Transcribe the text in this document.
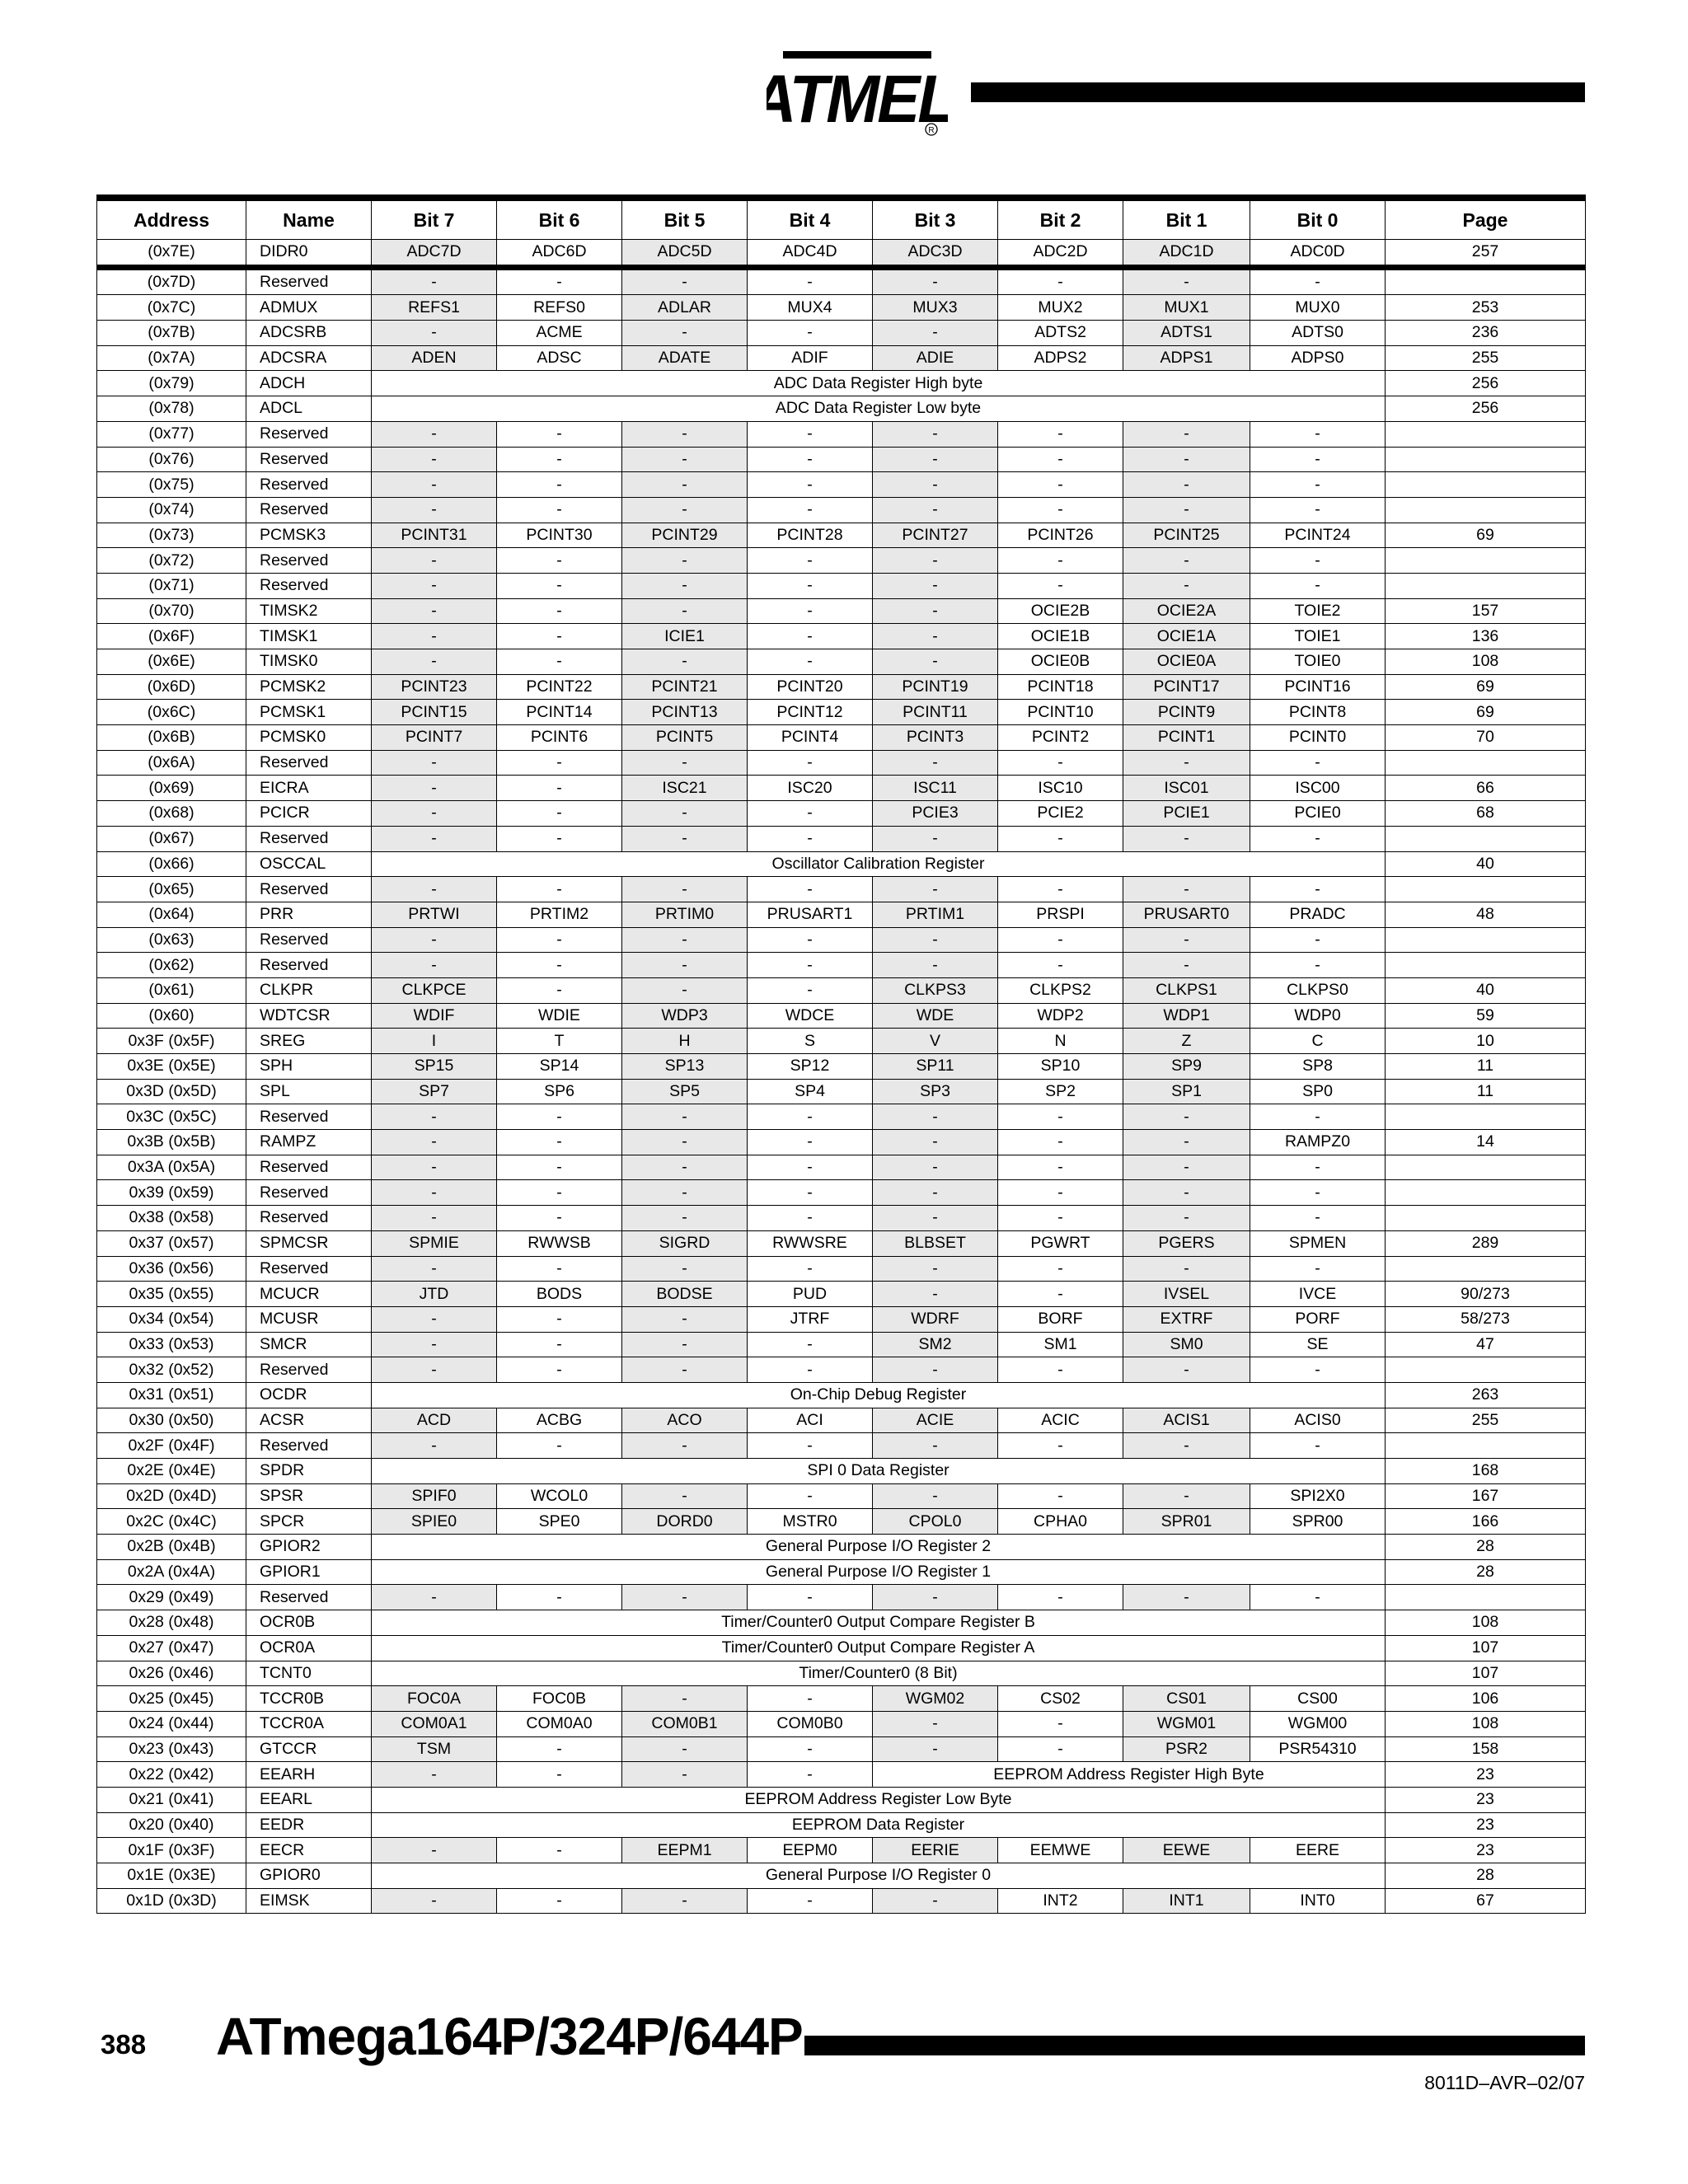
TMEL
R
Address	Name	Bit 7	Bit 6	Bit 5	Bit 4	Bit 3	Bit 2	Bit 1	Bit 0	Page
(0x7E)	DIDR0	ADC7D	ADC6D	ADC5D	ADC4D	ADC3D	ADC2D	ADC1D	ADC0D	257
(0x7D)	Reserved	-	-	-	-	-	-	-	-	
(0x7C)	ADMUX	REFS1	REFS0	ADLAR	MUX4	MUX3	MUX2	MUX1	MUX0	253
(0x7B)	ADCSRB	-	ACME	-	-	-	ADTS2	ADTS1	ADTS0	236
(0x7A)	ADCSRA	ADEN	ADSC	ADATE	ADIF	ADIE	ADPS2	ADPS1	ADPS0	255
(0x79)	ADCH	ADC Data Register High byte								256
(0x78)	ADCL	ADC Data Register Low byte								256
(0x77)	Reserved	-	-	-	-	-	-	-	-	
(0x76)	Reserved	-	-	-	-	-	-	-	-	
(0x75)	Reserved	-	-	-	-	-	-	-	-	
(0x74)	Reserved	-	-	-	-	-	-	-	-	
(0x73)	PCMSK3	PCINT31	PCINT30	PCINT29	PCINT28	PCINT27	PCINT26	PCINT25	PCINT24	69
(0x72)	Reserved	-	-	-	-	-	-	-	-	
(0x71)	Reserved	-	-	-	-	-	-	-	-	
(0x70)	TIMSK2	-	-	-	-	-	OCIE2B	OCIE2A	TOIE2	157
(0x6F)	TIMSK1	-	-	ICIE1	-	-	OCIE1B	OCIE1A	TOIE1	136
(0x6E)	TIMSK0	-	-	-	-	-	OCIE0B	OCIE0A	TOIE0	108
(0x6D)	PCMSK2	PCINT23	PCINT22	PCINT21	PCINT20	PCINT19	PCINT18	PCINT17	PCINT16	69
(0x6C)	PCMSK1	PCINT15	PCINT14	PCINT13	PCINT12	PCINT11	PCINT10	PCINT9	PCINT8	69
(0x6B)	PCMSK0	PCINT7	PCINT6	PCINT5	PCINT4	PCINT3	PCINT2	PCINT1	PCINT0	70
(0x6A)	Reserved	-	-	-	-	-	-	-	-	
(0x69)	EICRA	-	-	ISC21	ISC20	ISC11	ISC10	ISC01	ISC00	66
(0x68)	PCICR	-	-	-	-	PCIE3	PCIE2	PCIE1	PCIE0	68
(0x67)	Reserved	-	-	-	-	-	-	-	-	
(0x66)	OSCCAL	Oscillator Calibration Register								40
(0x65)	Reserved	-	-	-	-	-	-	-	-	
(0x64)	PRR	PRTWI	PRTIM2	PRTIM0	PRUSART1	PRTIM1	PRSPI	PRUSART0	PRADC	48
(0x63)	Reserved	-	-	-	-	-	-	-	-	
(0x62)	Reserved	-	-	-	-	-	-	-	-	
(0x61)	CLKPR	CLKPCE	-	-	-	CLKPS3	CLKPS2	CLKPS1	CLKPS0	40
(0x60)	WDTCSR	WDIF	WDIE	WDP3	WDCE	WDE	WDP2	WDP1	WDP0	59
0x3F (0x5F)	SREG	I	T	H	S	V	N	Z	C	10
0x3E (0x5E)	SPH	SP15	SP14	SP13	SP12	SP11	SP10	SP9	SP8	11
0x3D (0x5D)	SPL	SP7	SP6	SP5	SP4	SP3	SP2	SP1	SP0	11
0x3C (0x5C)	Reserved	-	-	-	-	-	-	-	-	
0x3B (0x5B)	RAMPZ	-	-	-	-	-	-	-	RAMPZ0	14
0x3A (0x5A)	Reserved	-	-	-	-	-	-	-	-	
0x39 (0x59)	Reserved	-	-	-	-	-	-	-	-	
0x38 (0x58)	Reserved	-	-	-	-	-	-	-	-	
0x37 (0x57)	SPMCSR	SPMIE	RWWSB	SIGRD	RWWSRE	BLBSET	PGWRT	PGERS	SPMEN	289
0x36 (0x56)	Reserved	-	-	-	-	-	-	-	-	
0x35 (0x55)	MCUCR	JTD	BODS	BODSE	PUD	-	-	IVSEL	IVCE	90/273
0x34 (0x54)	MCUSR	-	-	-	JTRF	WDRF	BORF	EXTRF	PORF	58/273
0x33 (0x53)	SMCR	-	-	-	-	SM2	SM1	SM0	SE	47
0x32 (0x52)	Reserved	-	-	-	-	-	-	-	-	
0x31 (0x51)	OCDR	On-Chip Debug Register								263
0x30 (0x50)	ACSR	ACD	ACBG	ACO	ACI	ACIE	ACIC	ACIS1	ACIS0	255
0x2F (0x4F)	Reserved	-	-	-	-	-	-	-	-	
0x2E (0x4E)	SPDR	SPI 0 Data Register								168
0x2D (0x4D)	SPSR	SPIF0	WCOL0	-	-	-	-	-	SPI2X0	167
0x2C (0x4C)	SPCR	SPIE0	SPE0	DORD0	MSTR0	CPOL0	CPHA0	SPR01	SPR00	166
0x2B (0x4B)	GPIOR2	General Purpose I/O Register 2								28
0x2A (0x4A)	GPIOR1	General Purpose I/O Register 1								28
0x29 (0x49)	Reserved	-	-	-	-	-	-	-	-	
0x28 (0x48)	OCR0B	Timer/Counter0 Output Compare Register B								108
0x27 (0x47)	OCR0A	Timer/Counter0 Output Compare Register A								107
0x26 (0x46)	TCNT0	Timer/Counter0 (8 Bit)								107
0x25 (0x45)	TCCR0B	FOC0A	FOC0B	-	-	WGM02	CS02	CS01	CS00	106
0x24 (0x44)	TCCR0A	COM0A1	COM0A0	COM0B1	COM0B0	-	-	WGM01	WGM00	108
0x23 (0x43)	GTCCR	TSM	-	-	-	-	-	PSR2	PSR54310	158
0x22 (0x42)	EEARH	-	-	-	-	EEPROM Address Register High Byte				23
0x21 (0x41)	EEARL	EEPROM Address Register Low Byte								23
0x20 (0x40)	EEDR	EEPROM Data Register								23
0x1F (0x3F)	EECR	-	-	EEPM1	EEPM0	EERIE	EEMWE	EEWE	EERE	23
0x1E (0x3E)	GPIOR0	General Purpose I/O Register 0								28
0x1D (0x3D)	EIMSK	-	-	-	-	-	INT2	INT1	INT0	67
388 ATmega164P/324P/644P
8011D–AVR–02/07
